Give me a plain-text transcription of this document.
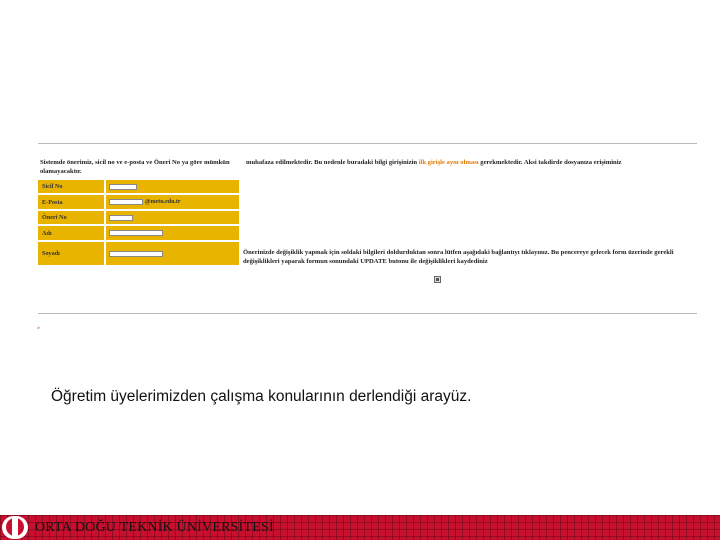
Sistemde önerimiz, sicil no ve e-posta ve Öneri No ya göre mümkün olamayacaktır.
muhafaza edilmektedir. Bu nedenle buradaki bilgi girişinizin ilk girişle aynı olması gerekmektedir. Aksi takdirde dosyanıza erişiminiz
Sicil No
E-Posta	@metu.edu.tr
Öneri No
Adı
Soyadı	Önerinizde değişiklik yapmak için soldaki bilgileri doldurduktan sonra lütfen aşağıdaki bağlantıyı tıklayınız. Bu pencereye gelecek form üzerinde gerekli değişiklikleri yaparak formun sonundaki UPDATE butonu ile değişiklikleri kaydediniz
»
Öğretim üyelerimizden çalışma konularının derlendiği arayüz.
ORTA DOĞU TEKNİK ÜNİVERSİTESİ
